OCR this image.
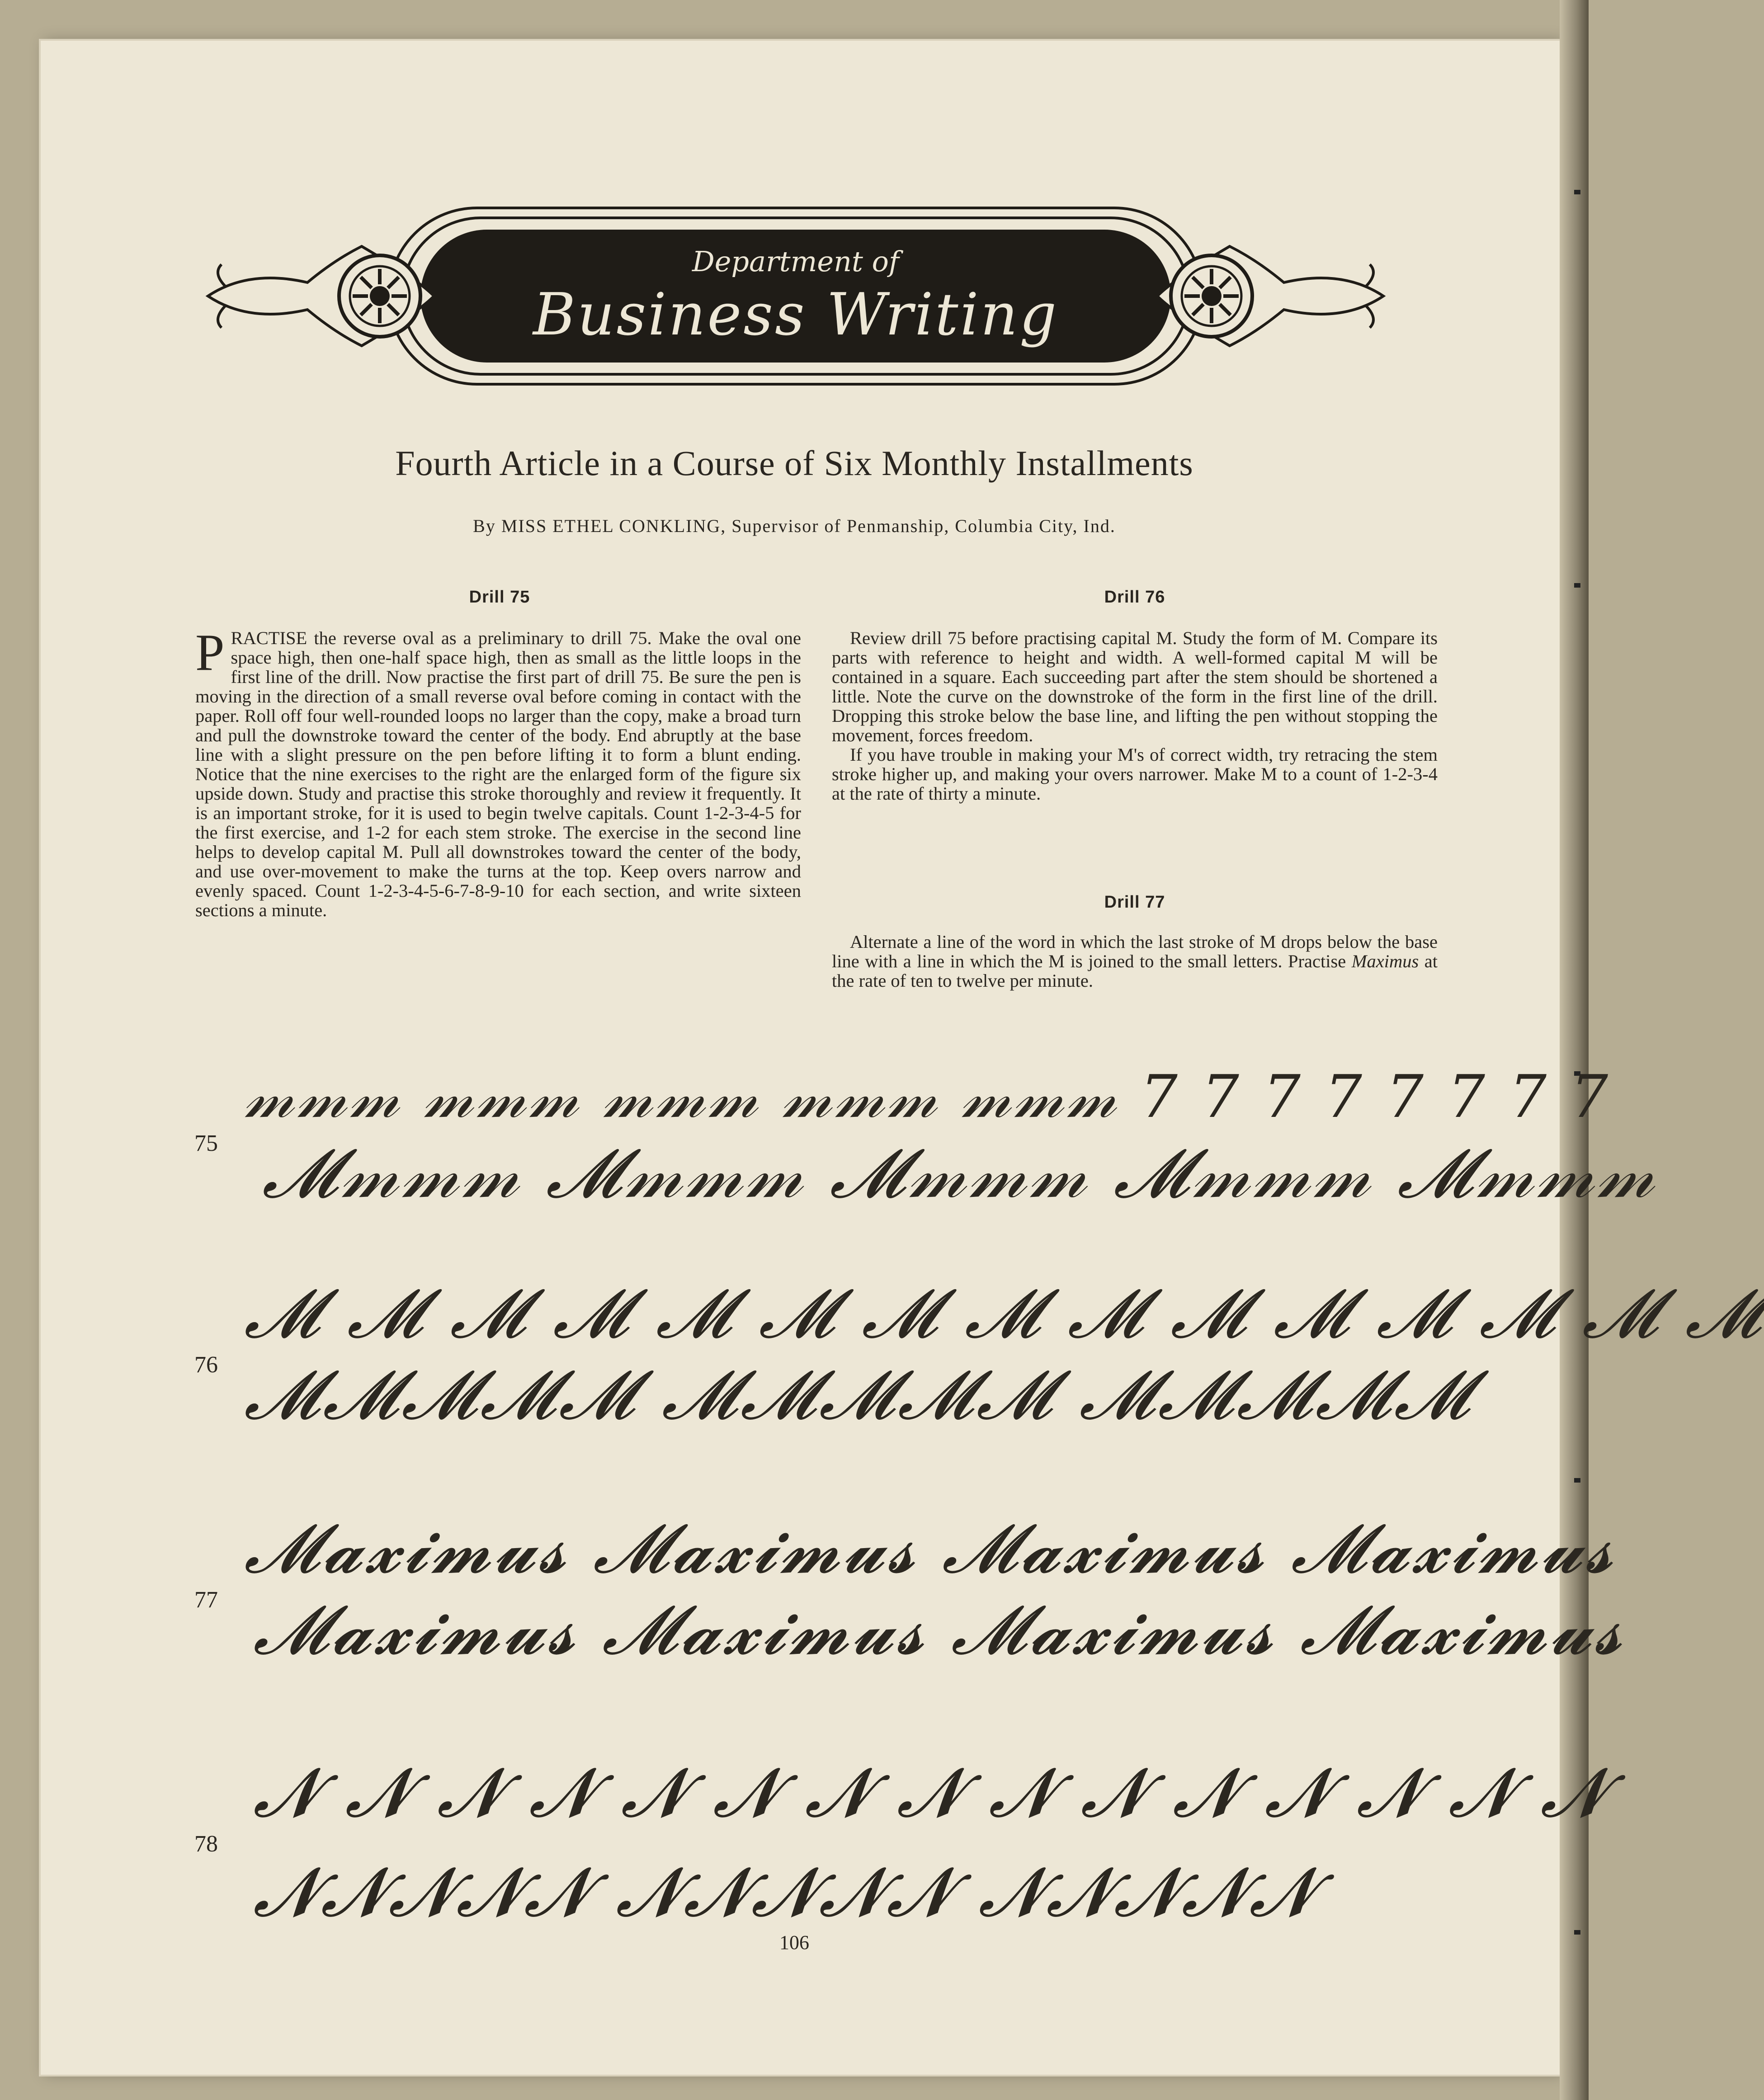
Department of
Business Writing
Fourth Article in a Course of Six Monthly Installments
By MISS ETHEL CONKLING, Supervisor of Penmanship, Columbia City, Ind.
Drill 75

PRACTISE the reverse oval as a preliminary to drill 75. Make the oval one space high, then one-half space high, then as small as the little loops in the first line of the drill. Now practise the first part of drill 75. Be sure the pen is moving in the direction of a small reverse oval before coming in contact with the paper. Roll off four well-rounded loops no larger than the copy, make a broad turn and pull the downstroke toward the center of the body. End abruptly at the base line with a slight pressure on the pen before lifting it to form a blunt ending. Notice that the nine exercises to the right are the enlarged form of the figure six upside down. Study and practise this stroke thoroughly and review it frequently. It is an important stroke, for it is used to begin twelve capitals. Count 1-2-3-4-5 for the first exercise, and 1-2 for each stem stroke. The exercise in the second line helps to develop capital M. Pull all downstrokes toward the center of the body, and use over-movement to make the turns at the top. Keep overs narrow and evenly spaced. Count 1-2-3-4-5-6-7-8-9-10 for each section, and write sixteen sections a minute.

Drill 76

Review drill 75 before practising capital M. Study the form of M. Compare its parts with reference to height and width. A well-formed capital M will be contained in a square. Each succeeding part after the stem should be shortened a little. Note the curve on the downstroke of the form in the first line of the drill. Dropping this stroke below the base line, and lifting the pen without stopping the movement, forces freedom.

If you have trouble in making your M's of correct width, try retracing the stem stroke higher up, and making your overs narrower. Make M to a count of 1-2-3-4 at the rate of thirty a minute.

Drill 77

Alternate a line of the word in which the last stroke of M drops below the base line with a line in which the M is joined to the small letters. Practise Maximus at the rate of ten to twelve per minute.

75
𝓂𝓂𝓂 𝓂𝓂𝓂 𝓂𝓂𝓂 𝓂𝓂𝓂 𝓂𝓂𝓂 7 7 7 7 7 7 7 7
𝓜𝓂𝓂𝓂 𝓜𝓂𝓂𝓂 𝓜𝓂𝓂𝓂 𝓜𝓂𝓂𝓂 𝓜𝓂𝓂𝓂
76
𝓜 𝓜 𝓜 𝓜 𝓜 𝓜 𝓜 𝓜 𝓜 𝓜 𝓜 𝓜 𝓜 𝓜 𝓜
𝓜𝓜𝓜𝓜𝓜 𝓜𝓜𝓜𝓜𝓜 𝓜𝓜𝓜𝓜𝓜
77
𝓜𝓪𝔁𝓲𝓶𝓾𝓼 𝓜𝓪𝔁𝓲𝓶𝓾𝓼 𝓜𝓪𝔁𝓲𝓶𝓾𝓼 𝓜𝓪𝔁𝓲𝓶𝓾𝓼
𝓜𝓪𝔁𝓲𝓶𝓾𝓼 𝓜𝓪𝔁𝓲𝓶𝓾𝓼 𝓜𝓪𝔁𝓲𝓶𝓾𝓼 𝓜𝓪𝔁𝓲𝓶𝓾𝓼
78
𝓝 𝓝 𝓝 𝓝 𝓝 𝓝 𝓝 𝓝 𝓝 𝓝 𝓝 𝓝 𝓝 𝓝 𝓝
𝓝𝓝𝓝𝓝𝓝 𝓝𝓝𝓝𝓝𝓝 𝓝𝓝𝓝𝓝𝓝
106
